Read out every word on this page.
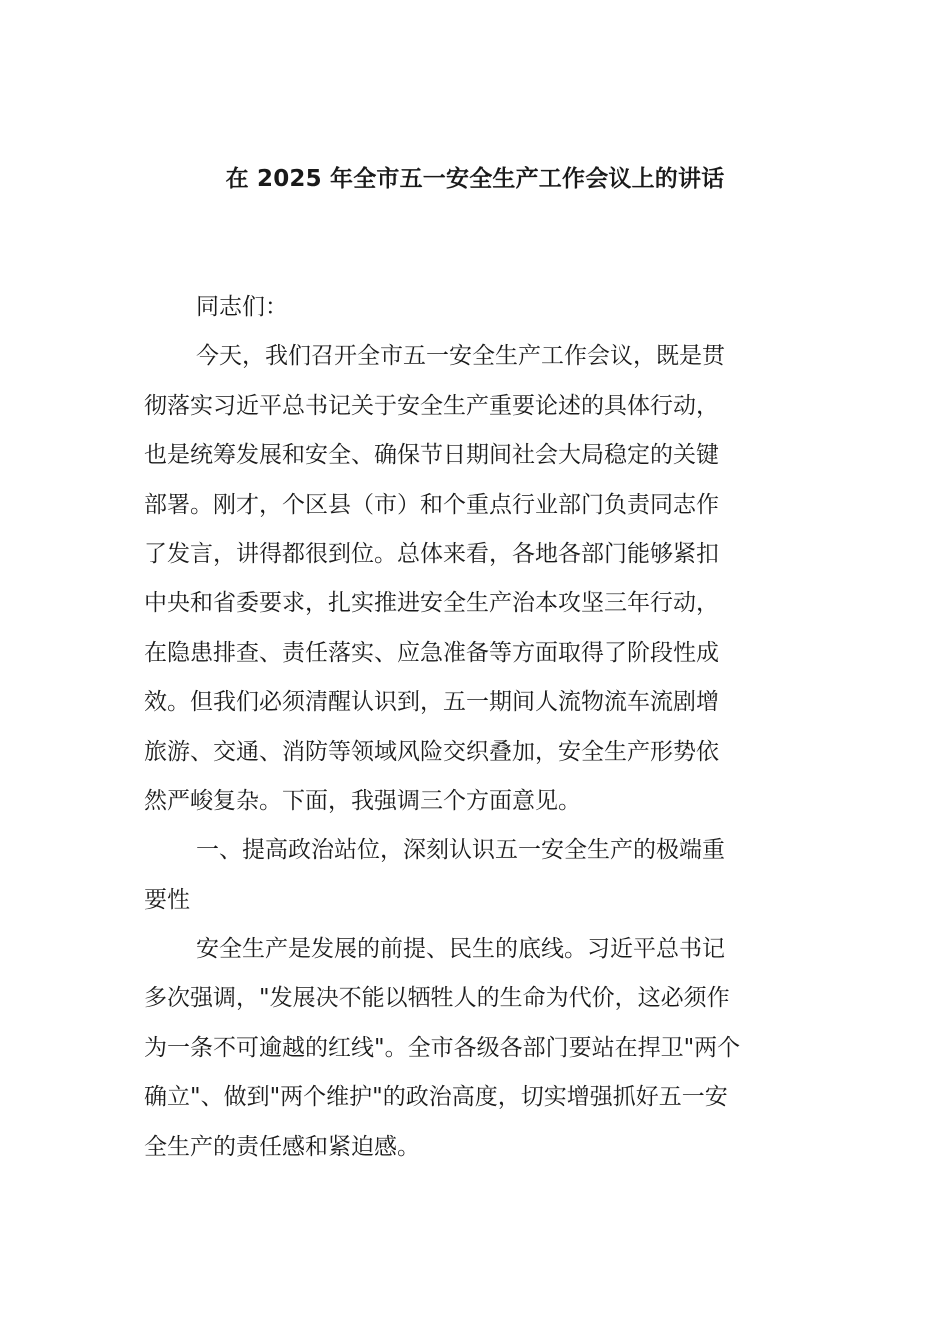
在 2025 年全市五一安全生产工作会议上的讲话
同志们：
今天，我们召开全市五一安全生产工作会议，既是贯
彻落实习近平总书记关于安全生产重要论述的具体行动，
也是统筹发展和安全、确保节日期间社会大局稳定的关键
部署。刚才，个区县（市）和个重点行业部门负责同志作
了发言，讲得都很到位。总体来看，各地各部门能够紧扣
中央和省委要求，扎实推进安全生产治本攻坚三年行动，
在隐患排查、责任落实、应急准备等方面取得了阶段性成
效。但我们必须清醒认识到，五一期间人流物流车流剧增
旅游、交通、消防等领域风险交织叠加，安全生产形势依
然严峻复杂。下面，我强调三个方面意见。
一、提高政治站位，深刻认识五一安全生产的极端重
要性
安全生产是发展的前提、民生的底线。习近平总书记
多次强调，"发展决不能以牺牲人的生命为代价，这必须作
为一条不可逾越的红线"。全市各级各部门要站在捍卫"两个
确立"、做到"两个维护"的政治高度，切实增强抓好五一安
全生产的责任感和紧迫感。
